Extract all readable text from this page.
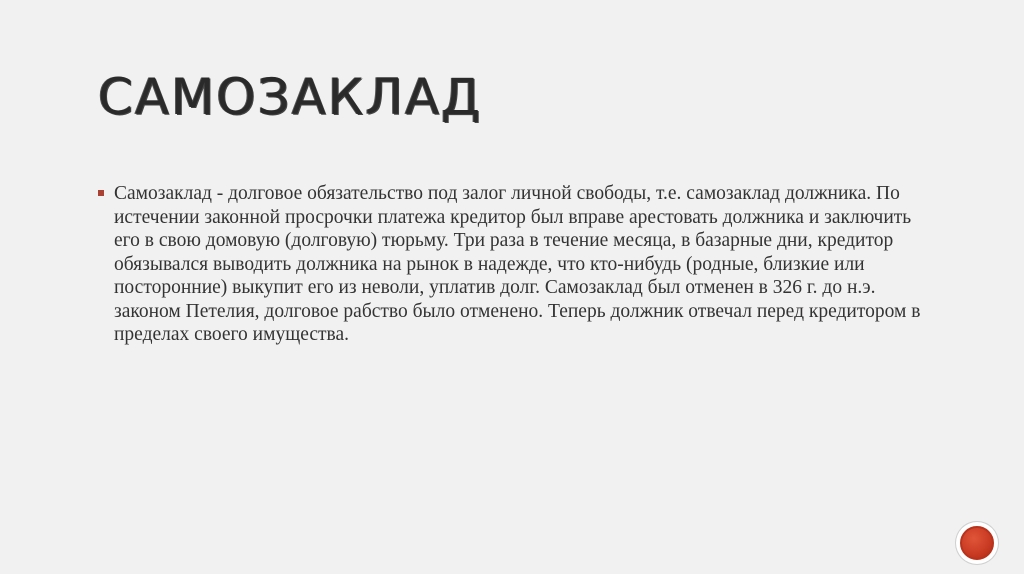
САМОЗАКЛАД

Самозаклад - долговое обязательство под залог личной свободы, т.е. самозаклад должника. По истечении законной просрочки платежа кредитор был вправе арестовать должника и заключить его в свою домовую (долговую) тюрьму. Три раза в течение месяца, в базарные дни, кредитор обязывался выводить должника на рынок в надежде, что кто-нибудь (родные, близкие или посторонние) выкупит его из неволи, уплатив долг. Самозаклад был отменен в 326 г. до н.э. законом Петелия, долговое рабство было отменено. Теперь должник отвечал перед кредитором в пределах своего имущества.
